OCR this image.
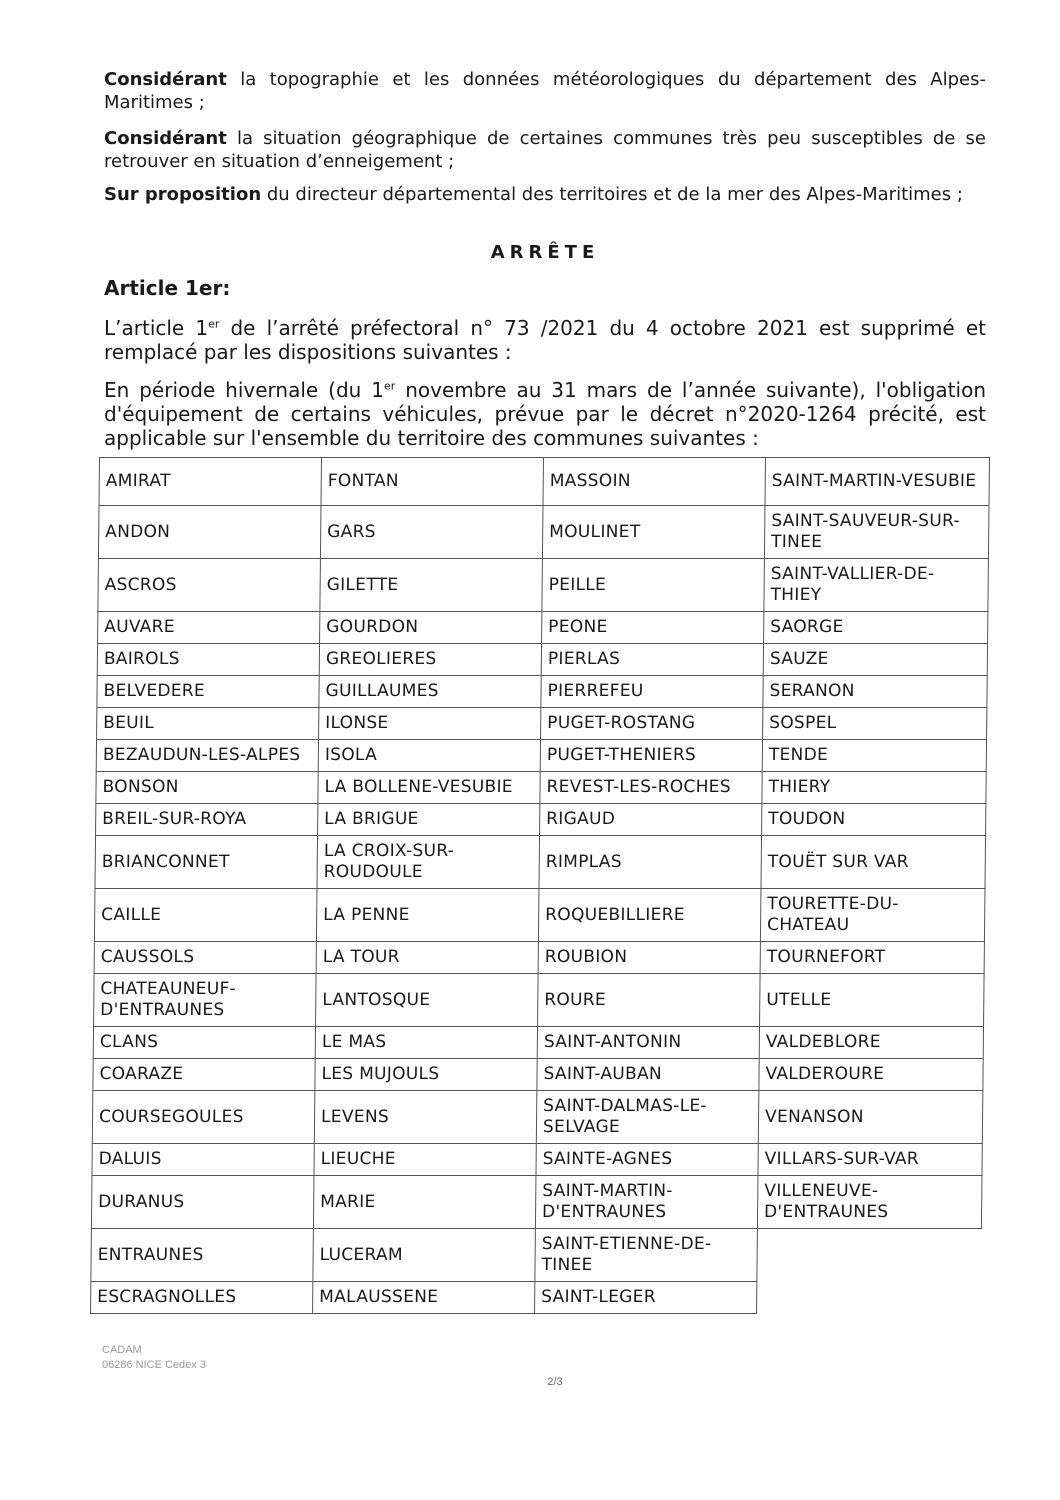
Considérant la topographie et les données météorologiques du département des Alpes-Maritimes ;
Considérant la situation géographique de certaines communes très peu susceptibles de se retrouver en situation d’enneigement ;
Sur proposition du directeur départemental des territoires et de la mer des Alpes-Maritimes ;
ARRÊTE
Article 1er:
L’article 1er de l’arrêté préfectoral n° 73 /2021 du 4 octobre 2021 est supprimé et remplacé par les dispositions suivantes :
En période hivernale (du 1er novembre au 31 mars de l’année suivante), l'obligation d'équipement de certains véhicules, prévue par le décret n°2020-1264 précité, est applicable sur l'ensemble du territoire des communes suivantes :
AMIRAT	FONTAN	MASSOIN	SAINT-MARTIN-VESUBIE
ANDON	GARS	MOULINET	SAINT-SAUVEUR-SUR-TINEE
ASCROS	GILETTE	PEILLE	SAINT-VALLIER-DE-THIEY
AUVARE	GOURDON	PEONE	SAORGE
BAIROLS	GREOLIERES	PIERLAS	SAUZE
BELVEDERE	GUILLAUMES	PIERREFEU	SERANON
BEUIL	ILONSE	PUGET-ROSTANG	SOSPEL
BEZAUDUN-LES-ALPES	ISOLA	PUGET-THENIERS	TENDE
BONSON	LA BOLLENE-VESUBIE	REVEST-LES-ROCHES	THIERY
BREIL-SUR-ROYA	LA BRIGUE	RIGAUD	TOUDON
BRIANCONNET	LA CROIX-SUR-ROUDOULE	RIMPLAS	TOUËT SUR VAR
CAILLE	LA PENNE	ROQUEBILLIERE	TOURETTE-DU-CHATEAU
CAUSSOLS	LA TOUR	ROUBION	TOURNEFORT
CHATEAUNEUF-D'ENTRAUNES	LANTOSQUE	ROURE	UTELLE
CLANS	LE MAS	SAINT-ANTONIN	VALDEBLORE
COARAZE	LES MUJOULS	SAINT-AUBAN	VALDEROURE
COURSEGOULES	LEVENS	SAINT-DALMAS-LE-SELVAGE	VENANSON
DALUIS	LIEUCHE	SAINTE-AGNES	VILLARS-SUR-VAR
DURANUS	MARIE	SAINT-MARTIN-D'ENTRAUNES	VILLENEUVE-D'ENTRAUNES
ENTRAUNES	LUCERAM	SAINT-ETIENNE-DE-TINEE	
ESCRAGNOLLES	MALAUSSENE	SAINT-LEGER	
CADAM
06286 NICE Cedex 3
2/3
